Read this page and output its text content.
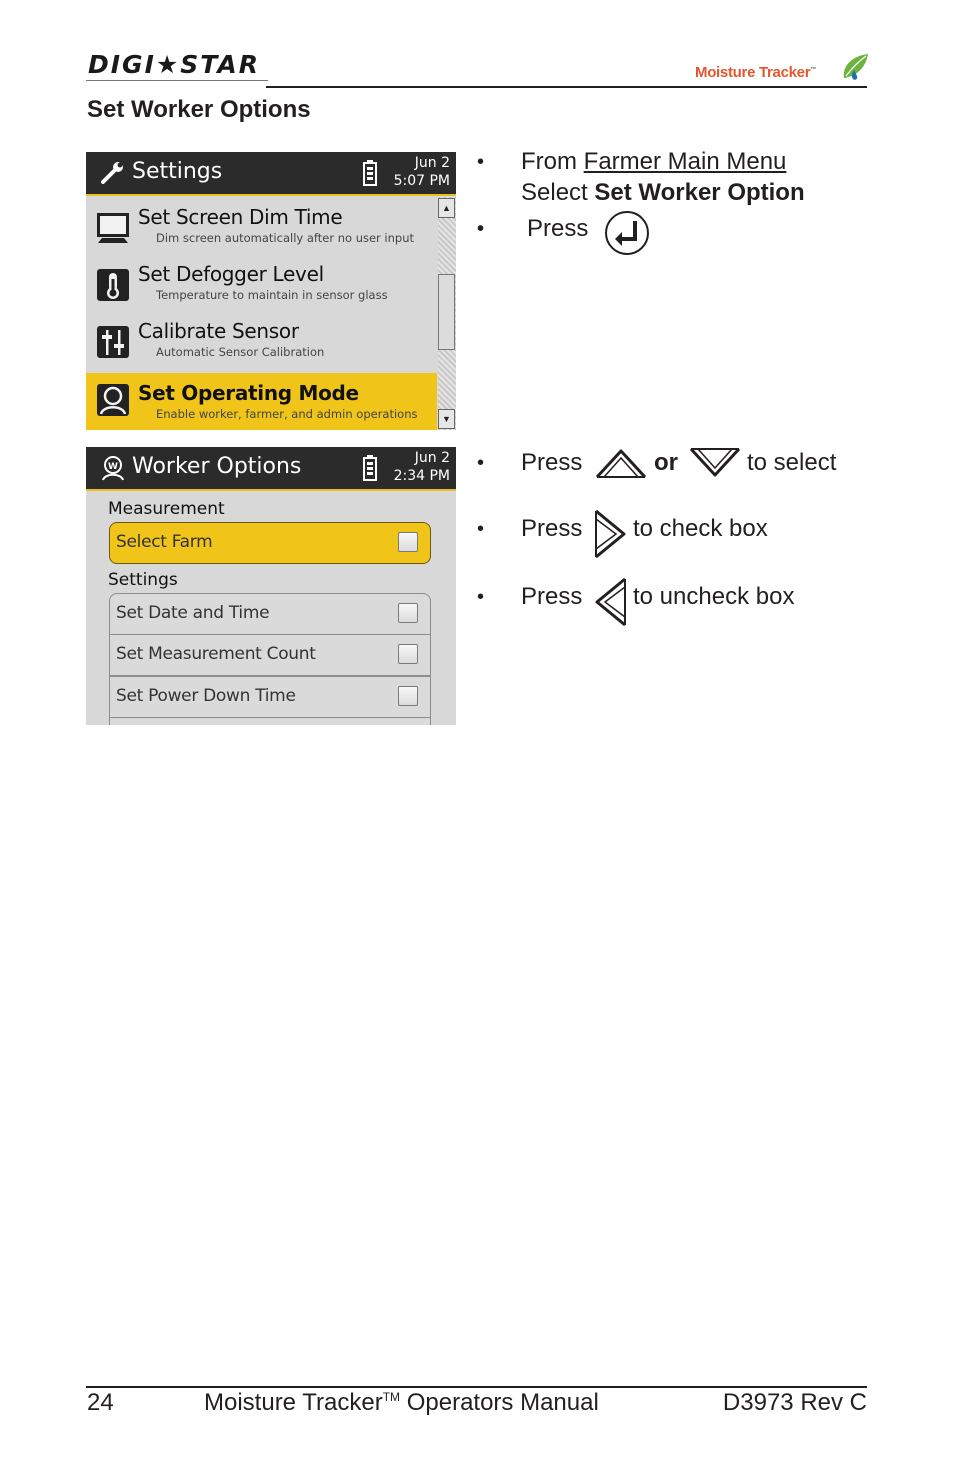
DIGI★STAR	Moisture Tracker™
Set Worker Options
Settings	Jun 2
5:07 PM
Set Screen Dim Time
Dim screen automatically after no user input
Set Defogger Level
Temperature to maintain in sensor glass
Calibrate Sensor
Automatic Sensor Calibration
Set Operating Mode
Enable worker, farmer, and admin operations
▲
▼
W Worker Options	Jun 2
2:34 PM
Measurement
Select Farm
Settings
Set Date and Time
Set Measurement Count
Set Power Down Time
• From Farmer Main Menu
Select Set Worker Option
• Press
• Press	or	to select
• Press to check box
• Press to uncheck box
24	Moisture Tracker™ Operators Manual	D3973 Rev C
